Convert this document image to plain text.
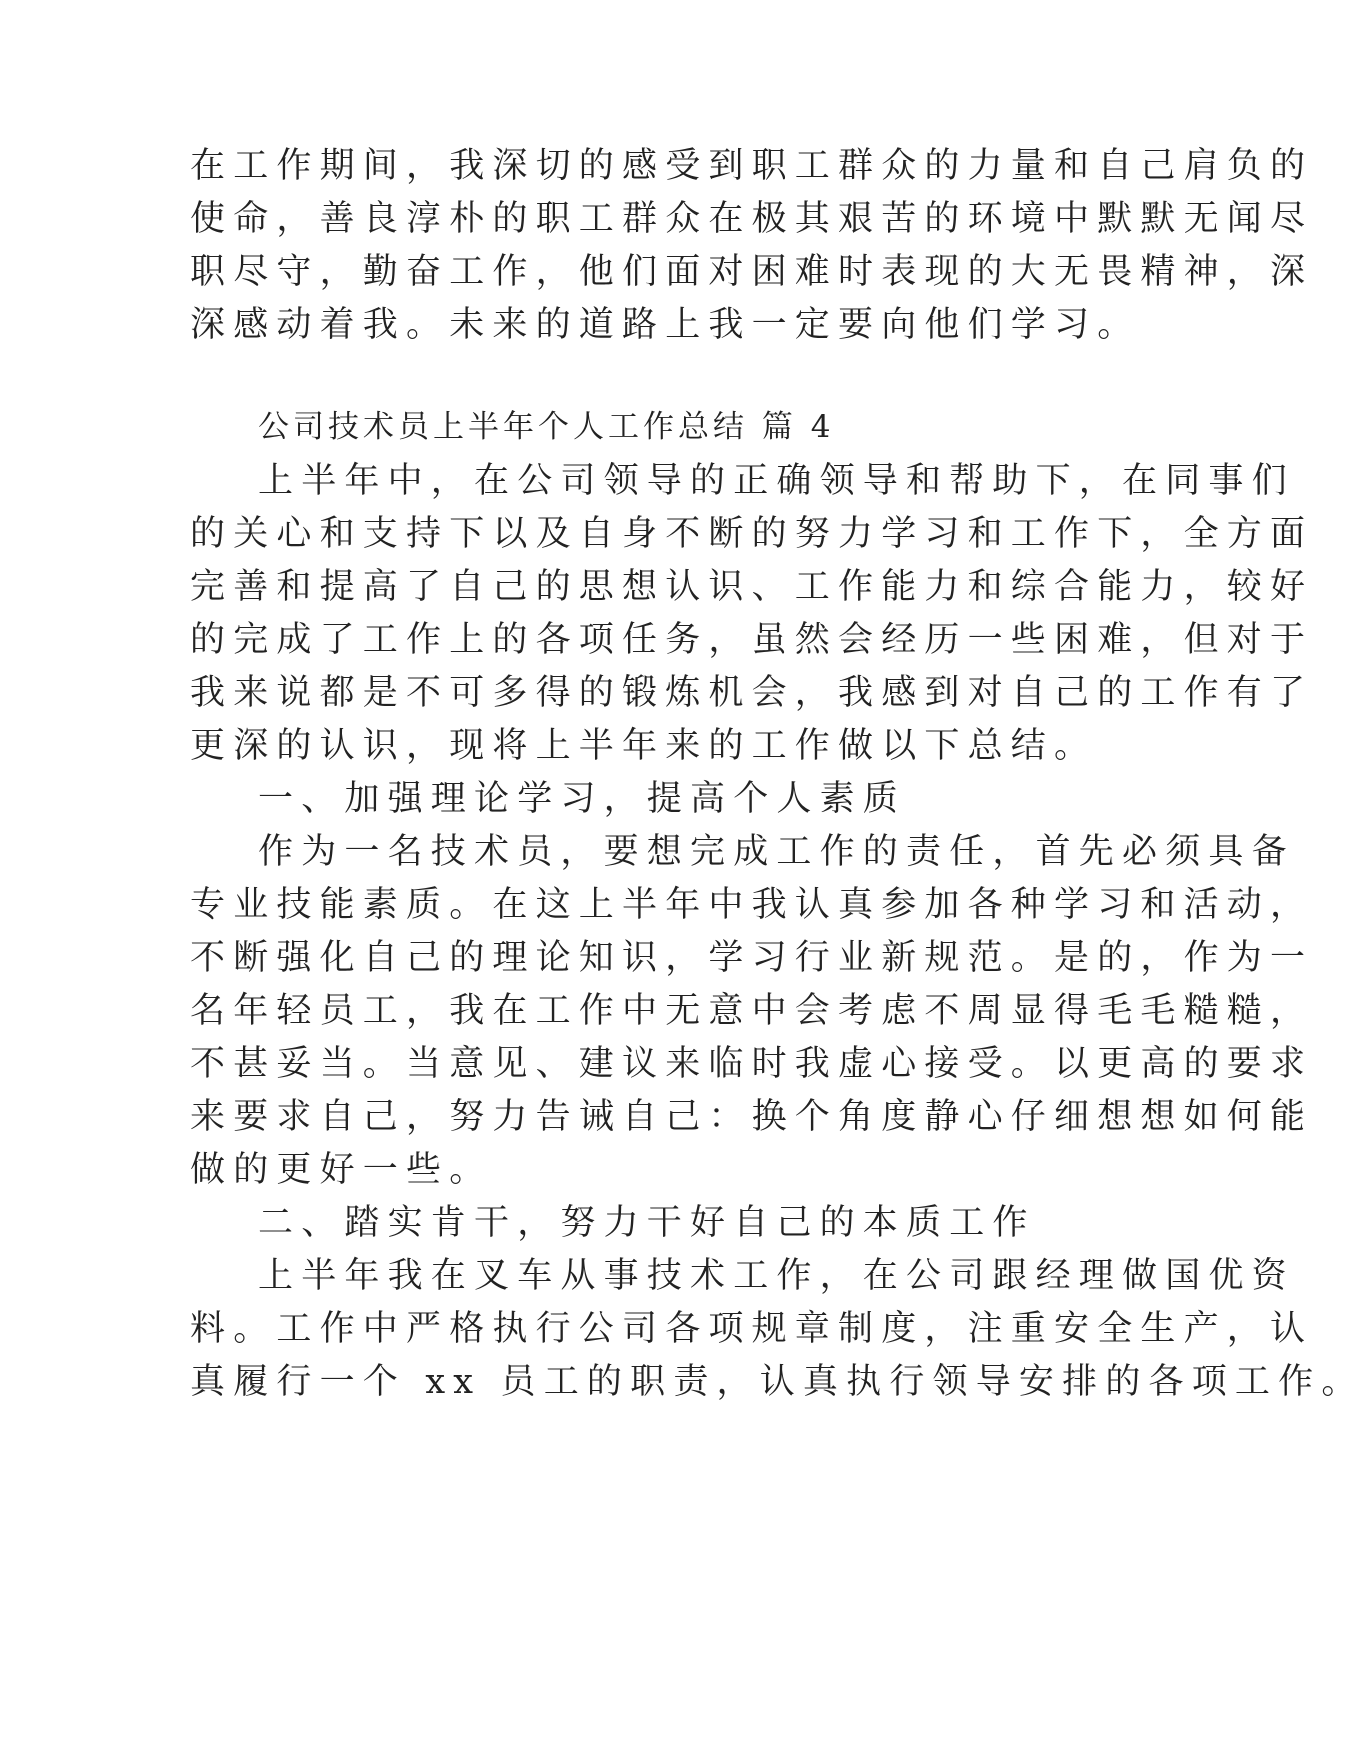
在工作期间，我深切的感受到职工群众的力量和自己肩负的
使命，善良淳朴的职工群众在极其艰苦的环境中默默无闻尽
职尽守，勤奋工作，他们面对困难时表现的大无畏精神，深
深感动着我。未来的道路上我一定要向他们学习。
公司技术员上半年个人工作总结 篇 4
上半年中，在公司领导的正确领导和帮助下，在同事们
的关心和支持下以及自身不断的努力学习和工作下，全方面
完善和提高了自己的思想认识、工作能力和综合能力，较好
的完成了工作上的各项任务，虽然会经历一些困难，但对于
我来说都是不可多得的锻炼机会，我感到对自己的工作有了
更深的认识，现将上半年来的工作做以下总结。
一、加强理论学习，提高个人素质
作为一名技术员，要想完成工作的责任，首先必须具备
专业技能素质。在这上半年中我认真参加各种学习和活动，
不断强化自己的理论知识，学习行业新规范。是的，作为一
名年轻员工，我在工作中无意中会考虑不周显得毛毛糙糙，
不甚妥当。当意见、建议来临时我虚心接受。以更高的要求
来要求自己，努力告诫自己：换个角度静心仔细想想如何能
做的更好一些。
二、踏实肯干，努力干好自己的本质工作
上半年我在叉车从事技术工作，在公司跟经理做国优资
料。工作中严格执行公司各项规章制度，注重安全生产，认
真履行一个 xx 员工的职责，认真执行领导安排的各项工作。
